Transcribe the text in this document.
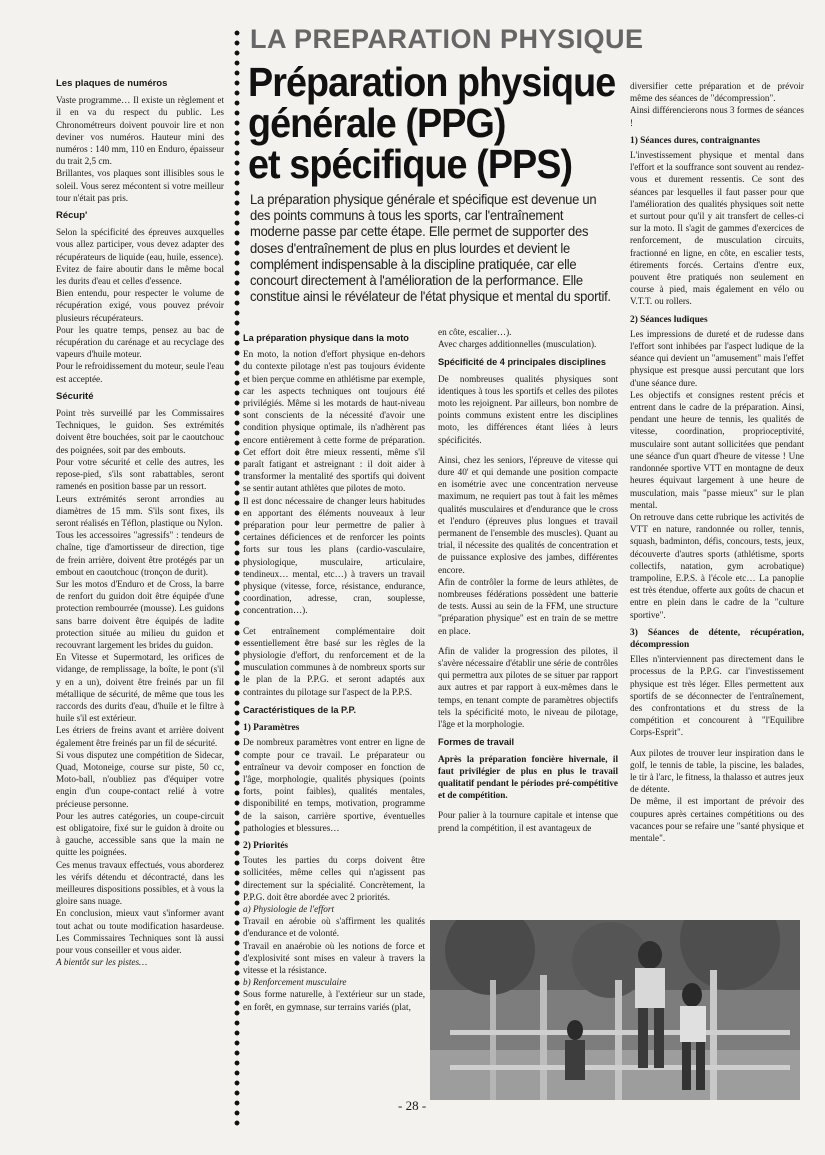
LA PREPARATION PHYSIQUE
Préparation physique
générale (PPG)
et spécifique (PPS)
La préparation physique générale et spécifique est devenue un des points communs à tous les sports, car l'entraînement moderne passe par cette étape. Elle permet de supporter des doses d'entraînement de plus en plus lourdes et devient le complément indispensable à la discipline pratiquée, car elle concourt directement à l'amélioration de la performance. Elle constitue ainsi le révélateur de l'état physique et mental du sportif.
Les plaques de numéros

Vaste programme… Il existe un règlement et il en va du respect du public. Les Chronométreurs doivent pouvoir lire et non deviner vos numéros. Hauteur mini des numéros : 140 mm, 110 en Enduro, épaisseur du trait 2,5 cm.

Brillantes, vos plaques sont illisibles sous le soleil. Vous serez mécontent si votre meilleur tour n'était pas pris.

Récup'

Selon la spécificité des épreuves auxquelles vous allez participer, vous devez adapter des récupérateurs de liquide (eau, huile, essence).

Evitez de faire aboutir dans le même bocal les durits d'eau et celles d'essence.

Bien entendu, pour respecter le volume de récupération exigé, vous pouvez prévoir plusieurs récupérateurs.

Pour les quatre temps, pensez au bac de récupération du carénage et au recyclage des vapeurs d'huile moteur.

Pour le refroidissement du moteur, seule l'eau est acceptée.

Sécurité

Point très surveillé par les Commissaires Techniques, le guidon. Ses extrémités doivent être bouchées, soit par le caoutchouc des poignées, soit par des embouts.

Pour votre sécurité et celle des autres, les repose-pied, s'ils sont rabattables, seront ramenés en position basse par un ressort.

Leurs extrémités seront arrondies au diamètres de 15 mm. S'ils sont fixes, ils seront réalisés en Téflon, plastique ou Nylon.

Tous les accessoires "agressifs" : tendeurs de chaîne, tige d'amortisseur de direction, tige de frein arrière, doivent être protégés par un embout en caoutchouc (tronçon de durit).

Sur les motos d'Enduro et de Cross, la barre de renfort du guidon doit être équipée d'une protection rembourrée (mousse). Les guidons sans barre doivent être équipés de ladite protection située au milieu du guidon et recouvrant largement les brides du guidon.

En Vitesse et Supermotard, les orifices de vidange, de remplissage, la boîte, le pont (s'il y en a un), doivent être freinés par un fil métallique de sécurité, de même que tous les raccords des durits d'eau, d'huile et le filtre à huile s'il est extérieur.

Les étriers de freins avant et arrière doivent également être freinés par un fil de sécurité.

Si vous disputez une compétition de Sidecar, Quad, Motoneige, course sur piste, 50 cc, Moto-ball, n'oubliez pas d'équiper votre engin d'un coupe-contact relié à votre précieuse personne.

Pour les autres catégories, un coupe-circuit est obligatoire, fixé sur le guidon à droite ou à gauche, accessible sans que la main ne quitte les poignées.

Ces menus travaux effectués, vous aborderez les vérifs détendu et décontracté, dans les meilleures dispositions possibles, et à vous la gloire sans nuage.

En conclusion, mieux vaut s'informer avant tout achat ou toute modification hasardeuse. Les Commissaires Techniques sont là aussi pour vous conseiller et vous aider.

A bientôt sur les pistes…

La préparation physique dans la moto

En moto, la notion d'effort physique en-dehors du contexte pilotage n'est pas toujours évidente et bien perçue comme en athlétisme par exemple, car les aspects techniques ont toujours été privilégiés. Même si les motards de haut-niveau sont conscients de la nécessité d'avoir une condition physique optimale, ils n'adhèrent pas encore entièrement à cette forme de préparation. Cet effort doit être mieux ressenti, même s'il paraît fatigant et astreignant : il doit aider à transformer la mentalité des sportifs qui doivent se sentir autant athlètes que pilotes de moto.

Il est donc nécessaire de changer leurs habitudes en apportant des éléments nouveaux à leur préparation pour leur permettre de palier à certaines déficiences et de renforcer les points forts sur tous les plans (cardio-vasculaire, physiologique, musculaire, articulaire, tendineux… mental, etc…) à travers un travail physique (vitesse, force, résistance, endurance, coordination, adresse, cran, souplesse, concentration…).

Cet entraînement complémentaire doit essentiellement être basé sur les règles de la physiologie d'effort, du renforcement et de la musculation communes à de nombreux sports sur le plan de la P.P.G. et seront adaptés aux contraintes du pilotage sur l'aspect de la P.P.S.

Caractéristiques de la P.P.
1) Paramètres

De nombreux paramètres vont entrer en ligne de compte pour ce travail. Le préparateur ou entraîneur va devoir composer en fonction de l'âge, morphologie, qualités physiques (points forts, point faibles), qualités mentales, disponibilité en temps, motivation, programme de la saison, carrière sportive, éventuelles pathologies et blessures…

2) Priorités

Toutes les parties du corps doivent être sollicitées, même celles qui n'agissent pas directement sur la spécialité. Concrètement, la P.P.G. doit être abordée avec 2 priorités.

a) Physiologie de l'effort

Travail en aérobie où s'affirment les qualités d'endurance et de volonté.

Travail en anaérobie où les notions de force et d'explosivité sont mises en valeur à travers la vitesse et la résistance.

b) Renforcement musculaire

Sous forme naturelle, à l'extérieur sur un stade, en forêt, en gymnase, sur terrains variés (plat,

en côte, escalier…).

Avec charges additionnelles (musculation).

Spécificité de 4 principales disciplines

De nombreuses qualités physiques sont identiques à tous les sportifs et celles des pilotes moto les rejoignent. Par ailleurs, bon nombre de points communs existent entre les disciplines moto, les différences étant liées à leurs spécificités.

Ainsi, chez les seniors, l'épreuve de vitesse qui dure 40' et qui demande une position compacte en isométrie avec une concentration nerveuse maximum, ne requiert pas tout à fait les mêmes qualités musculaires et d'endurance que le cross et l'enduro (épreuves plus longues et travail permanent de l'ensemble des muscles). Quant au trial, il nécessite des qualités de concentration et de puissance explosive des jambes, différentes encore.

Afin de contrôler la forme de leurs athlètes, de nombreuses fédérations possèdent une batterie de tests. Aussi au sein de la FFM, une structure "préparation physique" est en train de se mettre en place.

Afin de valider la progression des pilotes, il s'avère nécessaire d'établir une série de contrôles qui permettra aux pilotes de se situer par rapport aux autres et par rapport à eux-mêmes dans le temps, en tenant compte de paramètres objectifs tels la spécificité moto, le niveau de pilotage, l'âge et la morphologie.

Formes de travail

Après la préparation foncière hivernale, il faut privilégier de plus en plus le travail qualitatif pendant le périodes pré-compétitive et de compétition.

Pour palier à la tournure capitale et intense que prend la compétition, il est avantageux de

diversifier cette préparation et de prévoir même des séances de "décompression".

Ainsi différencierons nous 3 formes de séances !

1) Séances dures, contraignantes

L'investissement physique et mental dans l'effort et la souffrance sont souvent au rendez-vous et durement ressentis. Ce sont des séances par lesquelles il faut passer pour que l'amélioration des qualités physiques soit nette et surtout pour qu'il y ait transfert de celles-ci sur la moto. Il s'agit de gammes d'exercices de renforcement, de musculation circuits, fractionné en ligne, en côte, en escalier tests, étirements forcés. Certains d'entre eux, pouvent être pratiqués non seulement en course à pied, mais également en vélo ou V.T.T. ou rollers.

2) Séances ludiques

Les impressions de dureté et de rudesse dans l'effort sont inhibées par l'aspect ludique de la séance qui devient un "amusement" mais l'effet physique est presque aussi percutant que lors d'une séance dure.

Les objectifs et consignes restent précis et entrent dans le cadre de la préparation. Ainsi, pendant une heure de tennis, les qualités de vitesse, coordination, proprioceptivité, musculaire sont autant sollicitées que pendant une séance d'un quart d'heure de vitesse ! Une randonnée sportive VTT en montagne de deux heures équivaut largement à une heure de musculation, mais "passe mieux" sur le plan mental.

On retrouve dans cette rubrique les activités de VTT en nature, randonnée ou roller, tennis, squash, badminton, défis, concours, tests, jeux, découverte d'autres sports (athlétisme, sports collectifs, natation, gym acrobatique) trampoline, E.P.S. à l'école etc… La panoplie est très étendue, offerte aux goûts de chacun et entre en plein dans le cadre de la "culture sportive".

3) Séances de détente, récupération, décompression

Elles n'interviennent pas directement dans le processus de la P.P.G. car l'investissement physique est très léger. Elles permettent aux sportifs de se déconnecter de l'entraînement, des confrontations et du stress de la compétition et concourent à "l'Equilibre Corps-Esprit".

Aux pilotes de trouver leur inspiration dans le golf, le tennis de table, la piscine, les balades, le tir à l'arc, le fitness, la thalasso et autres jeux de détente.

De même, il est important de prévoir des coupures après certaines compétitions ou des vacances pour se refaire une "santé physique et mentale".

- 28 -
